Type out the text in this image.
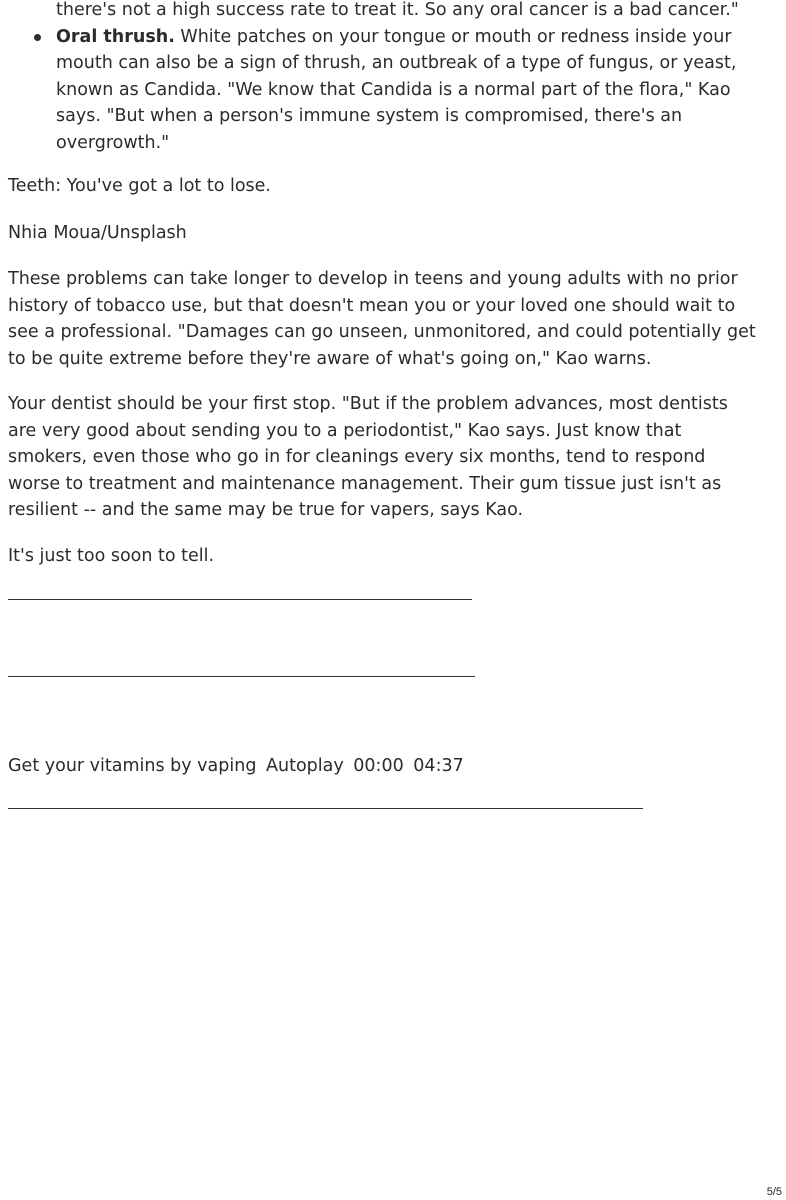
there's not a high success rate to treat it. So any oral cancer is a bad cancer."
Oral thrush. White patches on your tongue or mouth or redness inside your mouth can also be a sign of thrush, an outbreak of a type of fungus, or yeast, known as Candida. "We know that Candida is a normal part of the flora," Kao says. "But when a person's immune system is compromised, there's an overgrowth."

Teeth: You've got a lot to lose.

Nhia Moua/Unsplash

These problems can take longer to develop in teens and young adults with no prior history of tobacco use, but that doesn't mean you or your loved one should wait to see a professional. "Damages can go unseen, unmonitored, and could potentially get to be quite extreme before they're aware of what's going on," Kao warns.

Your dentist should be your first stop. "But if the problem advances, most dentists are very good about sending you to a periodontist," Kao says. Just know that smokers, even those who go in for cleanings every six months, tend to respond worse to treatment and maintenance management. Their gum tissue just isn't as resilient -- and the same may be true for vapers, says Kao.

It's just too soon to tell.

Get your vitamins by vaping Autoplay 00:00 04:37
5/5
